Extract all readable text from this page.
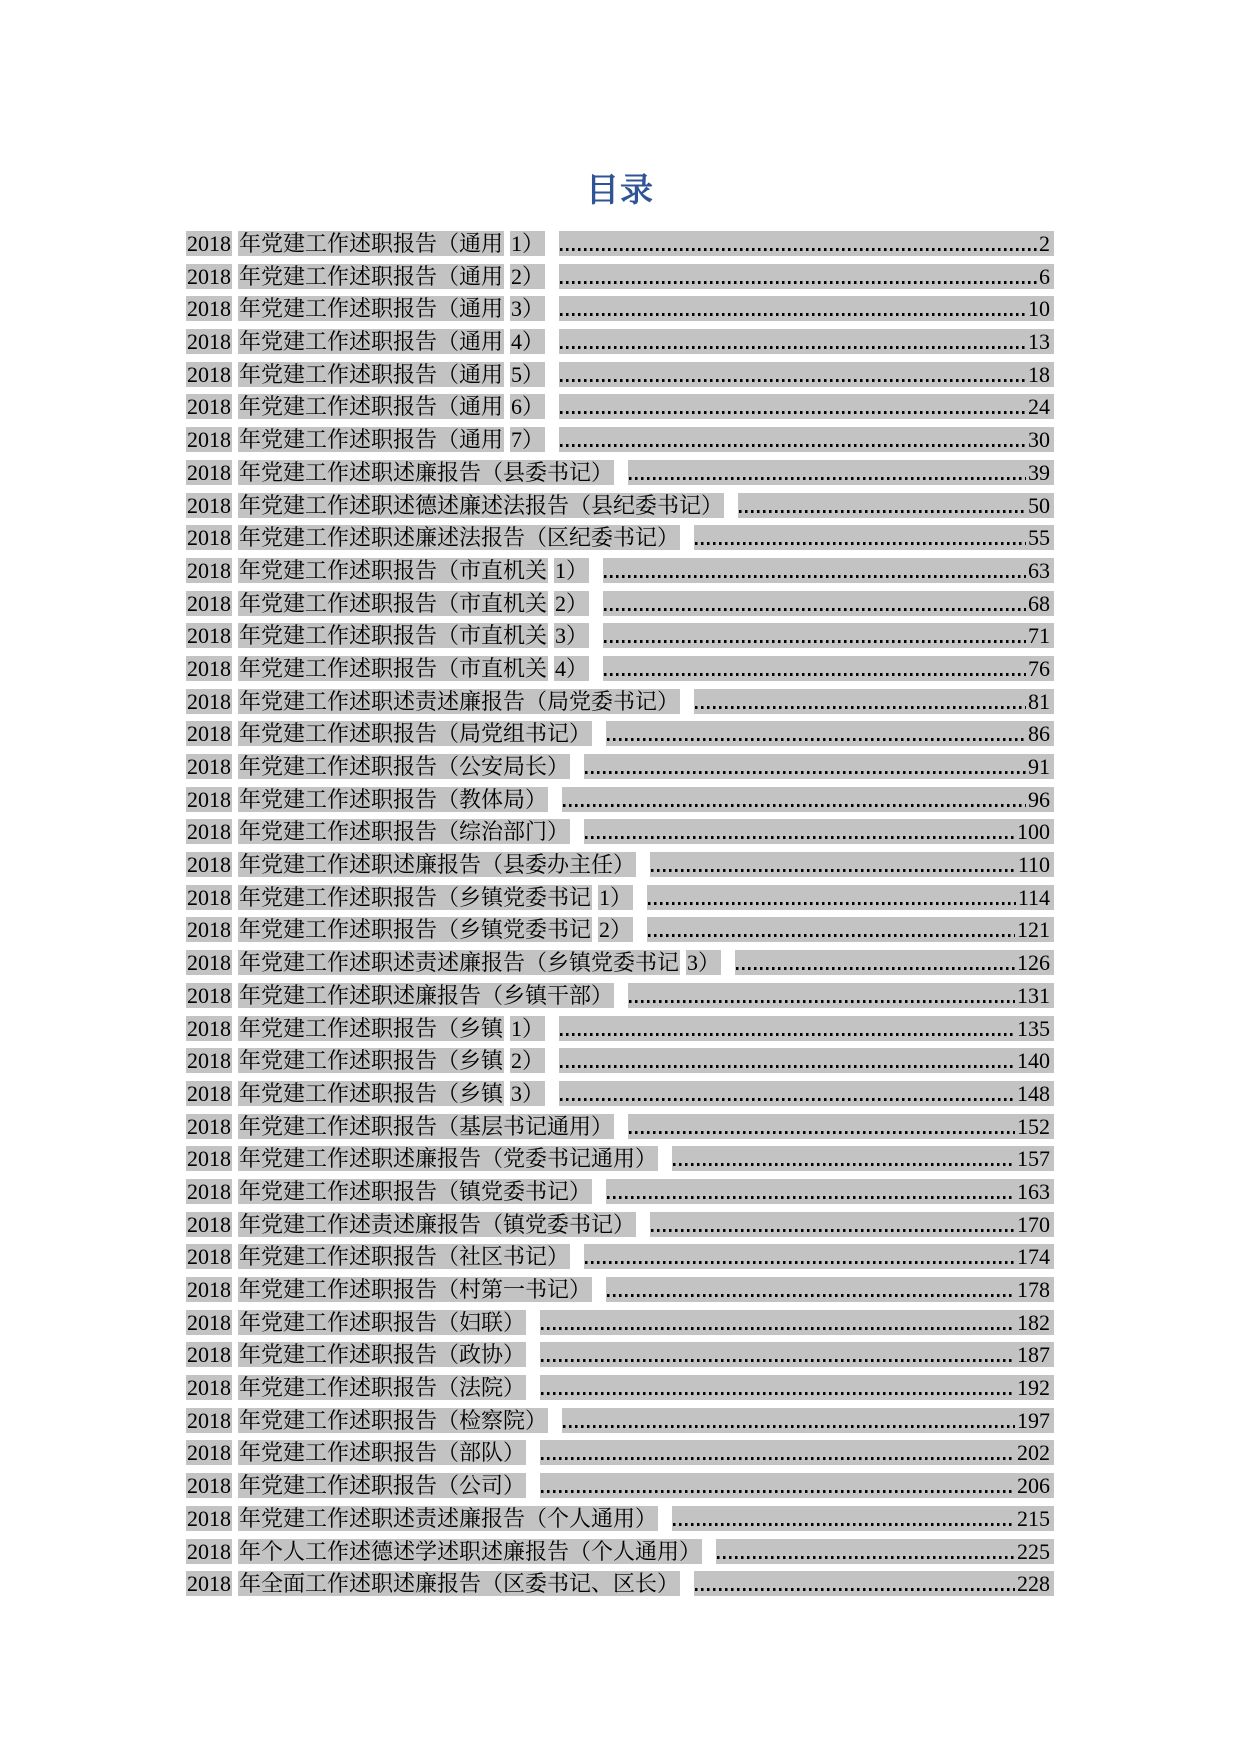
目录
2018 年党建工作述职报告（通用 1）	2
2018 年党建工作述职报告（通用 2）	6
2018 年党建工作述职报告（通用 3）	10
2018 年党建工作述职报告（通用 4）	13
2018 年党建工作述职报告（通用 5）	18
2018 年党建工作述职报告（通用 6）	24
2018 年党建工作述职报告（通用 7）	30
2018 年党建工作述职述廉报告（县委书记）	39
2018 年党建工作述职述德述廉述法报告（县纪委书记）	50
2018 年党建工作述职述廉述法报告（区纪委书记）	55
2018 年党建工作述职报告（市直机关 1）	63
2018 年党建工作述职报告（市直机关 2）	68
2018 年党建工作述职报告（市直机关 3）	71
2018 年党建工作述职报告（市直机关 4）	76
2018 年党建工作述职述责述廉报告（局党委书记）	81
2018 年党建工作述职报告（局党组书记）	86
2018 年党建工作述职报告（公安局长）	91
2018 年党建工作述职报告（教体局）	96
2018 年党建工作述职报告（综治部门）	100
2018 年党建工作述职述廉报告（县委办主任）	110
2018 年党建工作述职报告（乡镇党委书记 1）	114
2018 年党建工作述职报告（乡镇党委书记 2）	121
2018 年党建工作述职述责述廉报告（乡镇党委书记 3）	126
2018 年党建工作述职述廉报告（乡镇干部）	131
2018 年党建工作述职报告（乡镇 1）	135
2018 年党建工作述职报告（乡镇 2）	140
2018 年党建工作述职报告（乡镇 3）	148
2018 年党建工作述职报告（基层书记通用）	152
2018 年党建工作述职述廉报告（党委书记通用）	157
2018 年党建工作述职报告（镇党委书记）	163
2018 年党建工作述责述廉报告（镇党委书记）	170
2018 年党建工作述职报告（社区书记）	174
2018 年党建工作述职报告（村第一书记）	178
2018 年党建工作述职报告（妇联）	182
2018 年党建工作述职报告（政协）	187
2018 年党建工作述职报告（法院）	192
2018 年党建工作述职报告（检察院）	197
2018 年党建工作述职报告（部队）	202
2018 年党建工作述职报告（公司）	206
2018 年党建工作述职述责述廉报告（个人通用）	215
2018 年个人工作述德述学述职述廉报告（个人通用）	225
2018 年全面工作述职述廉报告（区委书记、区长）	228
